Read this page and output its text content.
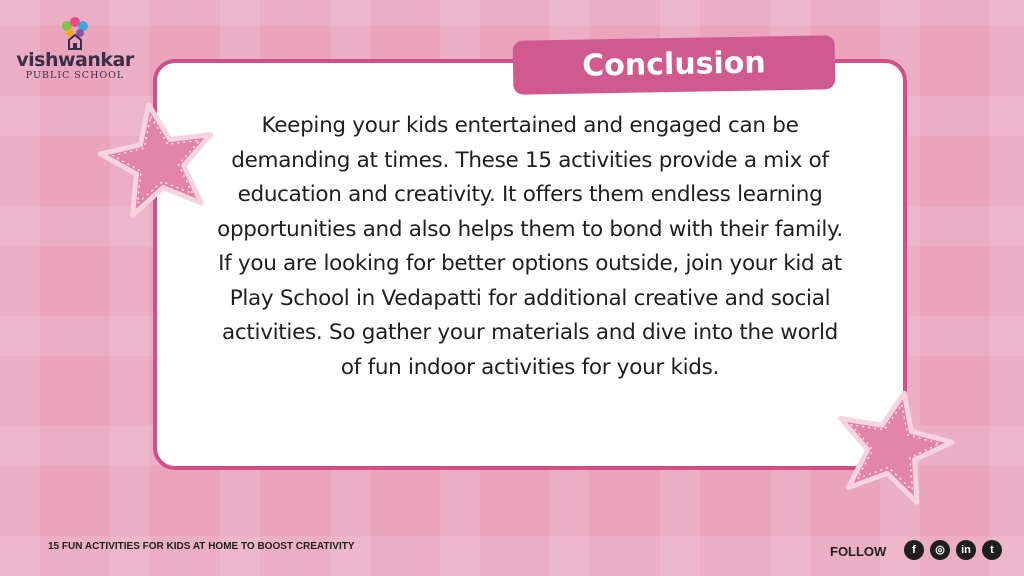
vishwankar
PUBLIC SCHOOL	Conclusion
Keeping your kids entertained and engaged can be demanding at times. These 15 activities provide a mix of education and creativity. It offers them endless learning opportunities and also helps them to bond with their family. If you are looking for better options outside, join your kid at Play School in Vedapatti for additional creative and social activities. So gather your materials and dive into the world of fun indoor activities for your kids.
15 FUN ACTIVITIES FOR KIDS AT HOME TO BOOST CREATIVITY	FOLLOW	f	◎	in	t
